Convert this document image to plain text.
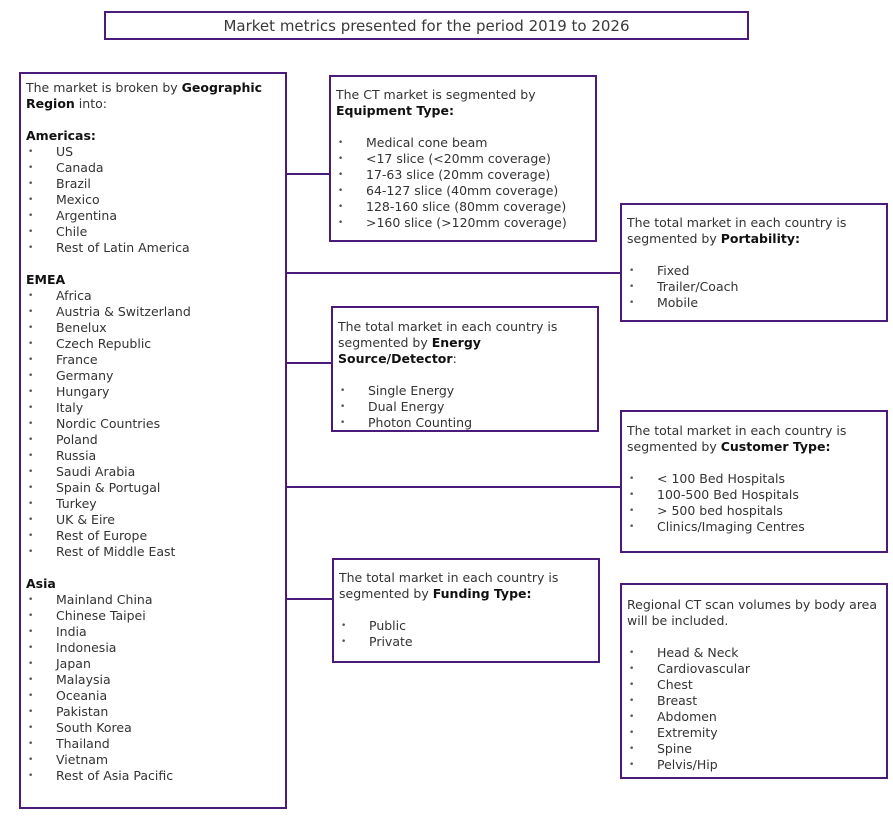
Market metrics presented for the period 2019 to 2026
The market is broken by Geographic Region into:
Americas:
• US
• Canada
• Brazil
• Mexico
• Argentina
• Chile
• Rest of Latin America
EMEA
• Africa
• Austria & Switzerland
• Benelux
• Czech Republic
• France
• Germany
• Hungary
• Italy
• Nordic Countries
• Poland
• Russia
• Saudi Arabia
• Spain & Portugal
• Turkey
• UK & Eire
• Rest of Europe
• Rest of Middle East
Asia
• Mainland China
• Chinese Taipei
• India
• Indonesia
• Japan
• Malaysia
• Oceania
• Pakistan
• South Korea
• Thailand
• Vietnam
• Rest of Asia Pacific
The CT market is segmented by
Equipment Type:
• Medical cone beam
• <17 slice (<20mm coverage)
• 17-63 slice (20mm coverage)
• 64-127 slice (40mm coverage)
• 128-160 slice (80mm coverage)
• >160 slice (>120mm coverage)	The total market in each country is segmented by Portability:
• Fixed
• Trailer/Coach
• Mobile
The total market in each country is segmented by Energy Source/Detector:
• Single Energy
• Dual Energy
• Photon Counting
The total market in each country is segmented by Customer Type:
• < 100 Bed Hospitals
• 100-500 Bed Hospitals
• > 500 bed hospitals
• Clinics/Imaging Centres
The total market in each country is segmented by Funding Type:
• Public
• Private
Regional CT scan volumes by body area will be included.
• Head & Neck
• Cardiovascular
• Chest
• Breast
• Abdomen
• Extremity
• Spine
• Pelvis/Hip
